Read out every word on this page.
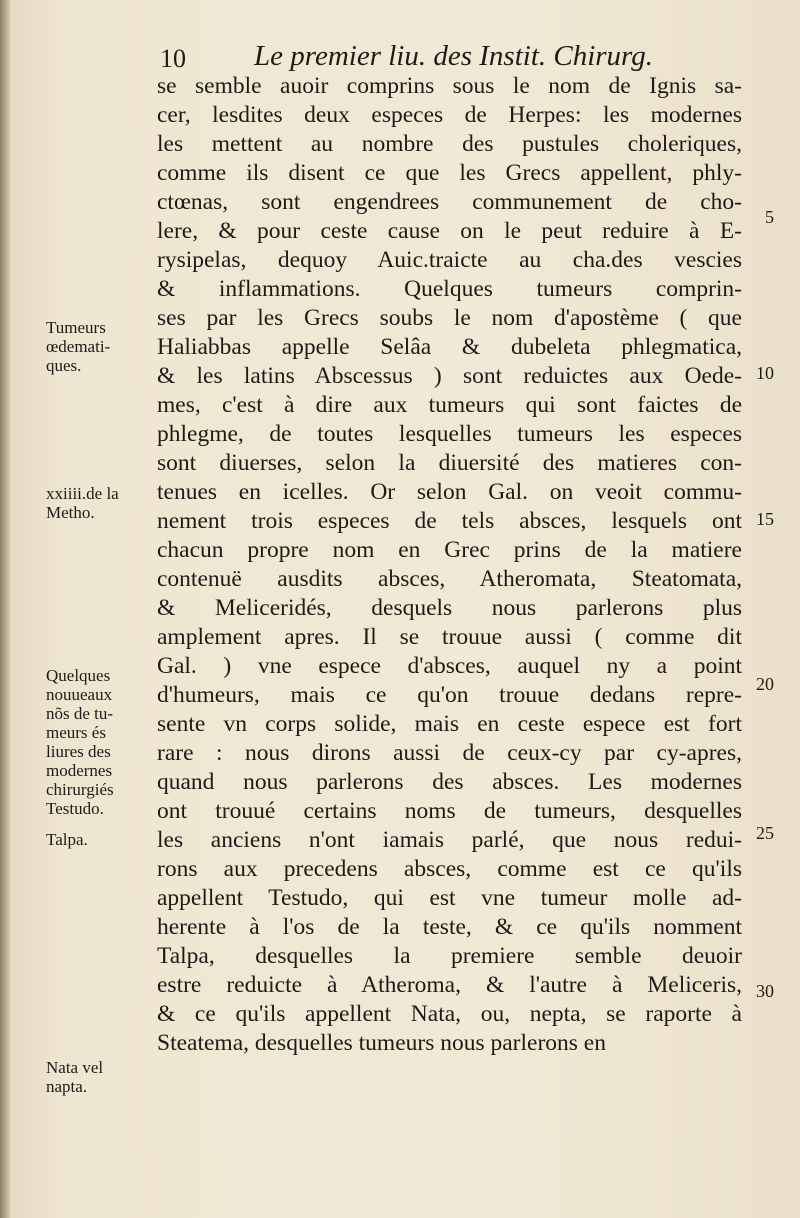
10 Le premier liu. des Instit. Chirurg.
se semble auoir comprins sous le nom de Ignis sa-
cer, lesdites deux especes de Herpes: les modernes
les mettent au nombre des pustules choleriques,
comme ils disent ce que les Grecs appellent, phly-
ctœnas, sont engendrees communement de cho-
lere, & pour ceste cause on le peut reduire à E-
rysipelas, dequoy Auic.traicte au cha.des vescies
& inflammations. Quelques tumeurs comprin-
ses par les Grecs soubs le nom d'apostème ( que
Haliabbas appelle Selâa & dubeleta phlegmatica,
& les latins Abscessus ) sont reduictes aux Oede-
mes, c'est à dire aux tumeurs qui sont faictes de
phlegme, de toutes lesquelles tumeurs les especes
sont diuerses, selon la diuersité des matieres con-
tenues en icelles. Or selon Gal. on veoit commu-
nement trois especes de tels absces, lesquels ont
chacun propre nom en Grec prins de la matiere
contenuë ausdits absces, Atheromata, Steatomata,
& Meliceridés, desquels nous parlerons plus
amplement apres. Il se trouue aussi ( comme dit
Gal. ) vne espece d'absces, auquel ny a point
d'humeurs, mais ce qu'on trouue dedans repre-
sente vn corps solide, mais en ceste espece est fort
rare : nous dirons aussi de ceux-cy par cy-apres,
quand nous parlerons des absces. Les modernes
ont trouué certains noms de tumeurs, desquelles
les anciens n'ont iamais parlé, que nous redui-
rons aux precedens absces, comme est ce qu'ils
appellent Testudo, qui est vne tumeur molle ad-
herente à l'os de la teste, & ce qu'ils nomment
Talpa, desquelles la premiere semble deuoir
estre reduicte à Atheroma, & l'autre à Meliceris,
& ce qu'ils appellent Nata, ou, nepta, se raporte à
Steatema, desquelles tumeurs nous parlerons en
Tumeurs
œdemati-
ques.
xxiiii.de la
Metho.
Quelques
nouueaux
nõs de tu-
meurs és
liures des
modernes
chirurgiés
Testudo.
Talpa.
Nata vel
napta.
5
10
15
20
25
30
